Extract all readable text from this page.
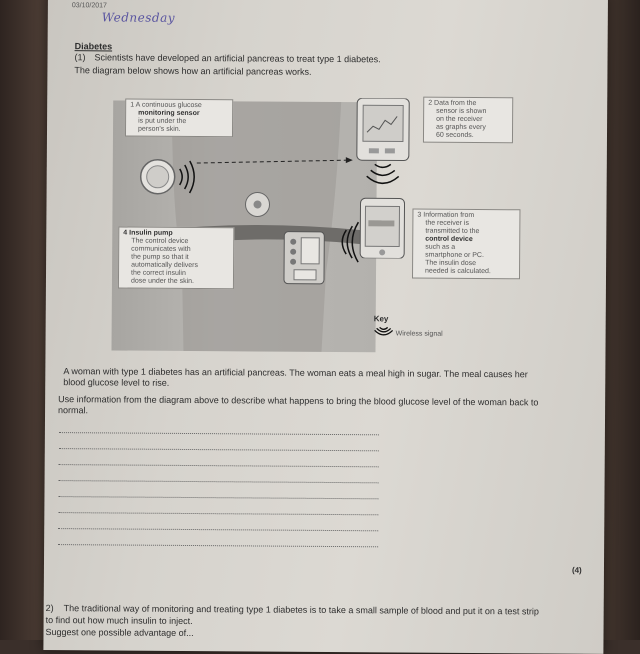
03/10/2017
Wednesday
Diabetes
(1) Scientists have developed an artificial pancreas to treat type 1 diabetes.
The diagram below shows how an artificial pancreas works.
1 A continuous glucose
monitoring sensor
is put under the
person's skin.
2 Data from the
sensor is shown
on the receiver
as graphs every
60 seconds.
3 Information from
the receiver is
transmitted to the
control device
such as a
smartphone or PC.
The insulin dose
needed is calculated.
4 Insulin pump
The control device
communicates with
the pump so that it
automatically delivers
the correct insulin
dose under the skin.
Key
Wireless signal
A woman with type 1 diabetes has an artificial pancreas. The woman eats a meal high in sugar. The meal causes her blood glucose level to rise.
Use information from the diagram above to describe what happens to bring the blood glucose level of the woman back to normal.
(4)
2) The traditional way of monitoring and treating type 1 diabetes is to take a small sample of blood and put it on a test strip to find out how much insulin to inject.
Suggest one possible advantage of...
